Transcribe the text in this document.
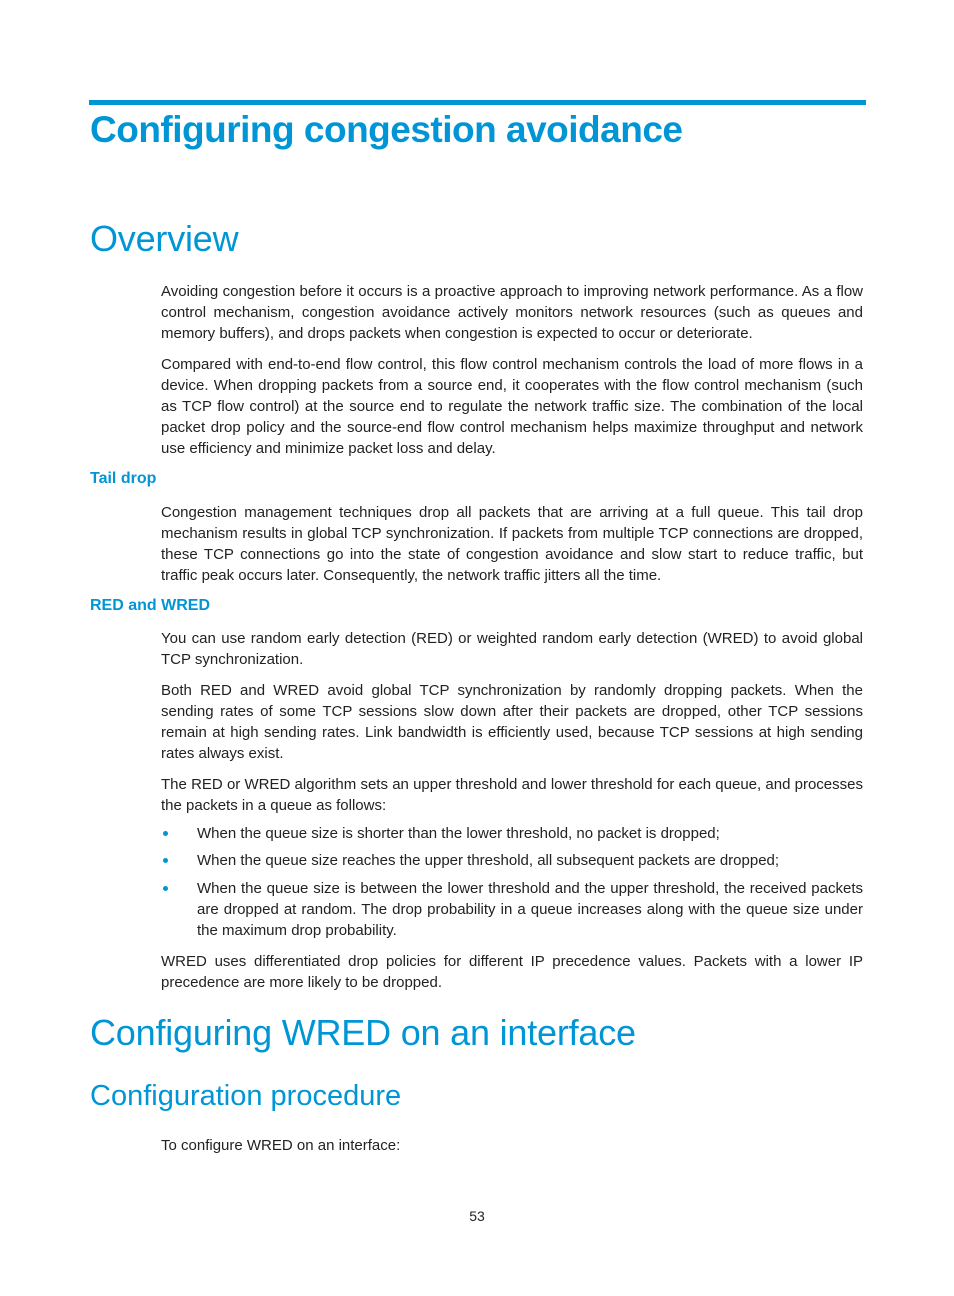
Configuring congestion avoidance
Overview

Avoiding congestion before it occurs is a proactive approach to improving network performance. As a flow control mechanism, congestion avoidance actively monitors network resources (such as queues and memory buffers), and drops packets when congestion is expected to occur or deteriorate.

Compared with end-to-end flow control, this flow control mechanism controls the load of more flows in a device. When dropping packets from a source end, it cooperates with the flow control mechanism (such as TCP flow control) at the source end to regulate the network traffic size. The combination of the local packet drop policy and the source-end flow control mechanism helps maximize throughput and network use efficiency and minimize packet loss and delay.

Tail drop

Congestion management techniques drop all packets that are arriving at a full queue. This tail drop mechanism results in global TCP synchronization. If packets from multiple TCP connections are dropped, these TCP connections go into the state of congestion avoidance and slow start to reduce traffic, but traffic peak occurs later. Consequently, the network traffic jitters all the time.

RED and WRED

You can use random early detection (RED) or weighted random early detection (WRED) to avoid global TCP synchronization.

Both RED and WRED avoid global TCP synchronization by randomly dropping packets. When the sending rates of some TCP sessions slow down after their packets are dropped, other TCP sessions remain at high sending rates. Link bandwidth is efficiently used, because TCP sessions at high sending rates always exist.

The RED or WRED algorithm sets an upper threshold and lower threshold for each queue, and processes the packets in a queue as follows:

When the queue size is shorter than the lower threshold, no packet is dropped;

When the queue size reaches the upper threshold, all subsequent packets are dropped;

When the queue size is between the lower threshold and the upper threshold, the received packets are dropped at random. The drop probability in a queue increases along with the queue size under the maximum drop probability.

WRED uses differentiated drop policies for different IP precedence values. Packets with a lower IP precedence are more likely to be dropped.

Configuring WRED on an interface
Configuration procedure

To configure WRED on an interface:

53
